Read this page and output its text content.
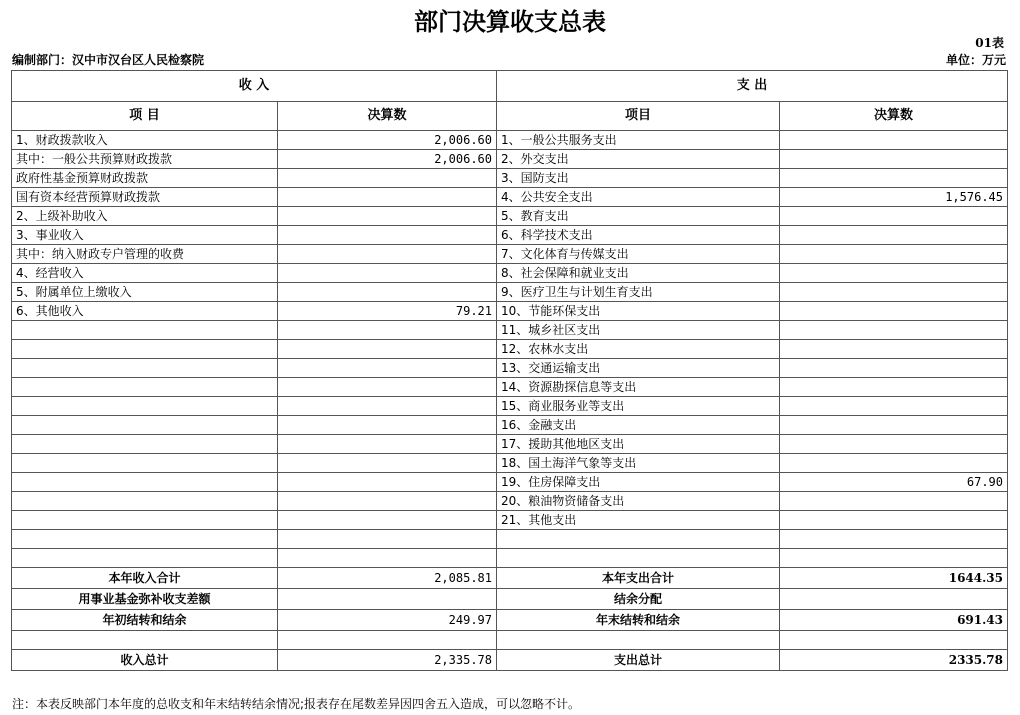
部门决算收支总表
01表
编制部门：汉中市汉台区人民检察院	单位：万元
收 入		支 出	
项 目	决算数	项目	决算数
1、财政拨款收入	2,006.60	1、一般公共服务支出	
其中：一般公共预算财政拨款	2,006.60	2、外交支出	
政府性基金预算财政拨款		3、国防支出	
国有资本经营预算财政拨款		4、公共安全支出	1,576.45
2、上级补助收入		5、教育支出	
3、事业收入		6、科学技术支出	
其中：纳入财政专户管理的收费		7、文化体育与传媒支出	
4、经营收入		8、社会保障和就业支出	
5、附属单位上缴收入		9、医疗卫生与计划生育支出	
6、其他收入	79.21	10、节能环保支出	
		11、城乡社区支出	
		12、农林水支出	
		13、交通运输支出	
		14、资源勘探信息等支出	
		15、商业服务业等支出	
		16、金融支出	
		17、援助其他地区支出	
		18、国土海洋气象等支出	
		19、住房保障支出	67.90
		20、粮油物资储备支出	
		21、其他支出	

本年收入合计	2,085.81	本年支出合计	1644.35
用事业基金弥补收支差额		结余分配	
年初结转和结余	249.97	年末结转和结余	691.43

收入总计	2,335.78	支出总计	2335.78
注：本表反映部门本年度的总收支和年末结转结余情况;报表存在尾数差异因四舍五入造成，可以忽略不计。
